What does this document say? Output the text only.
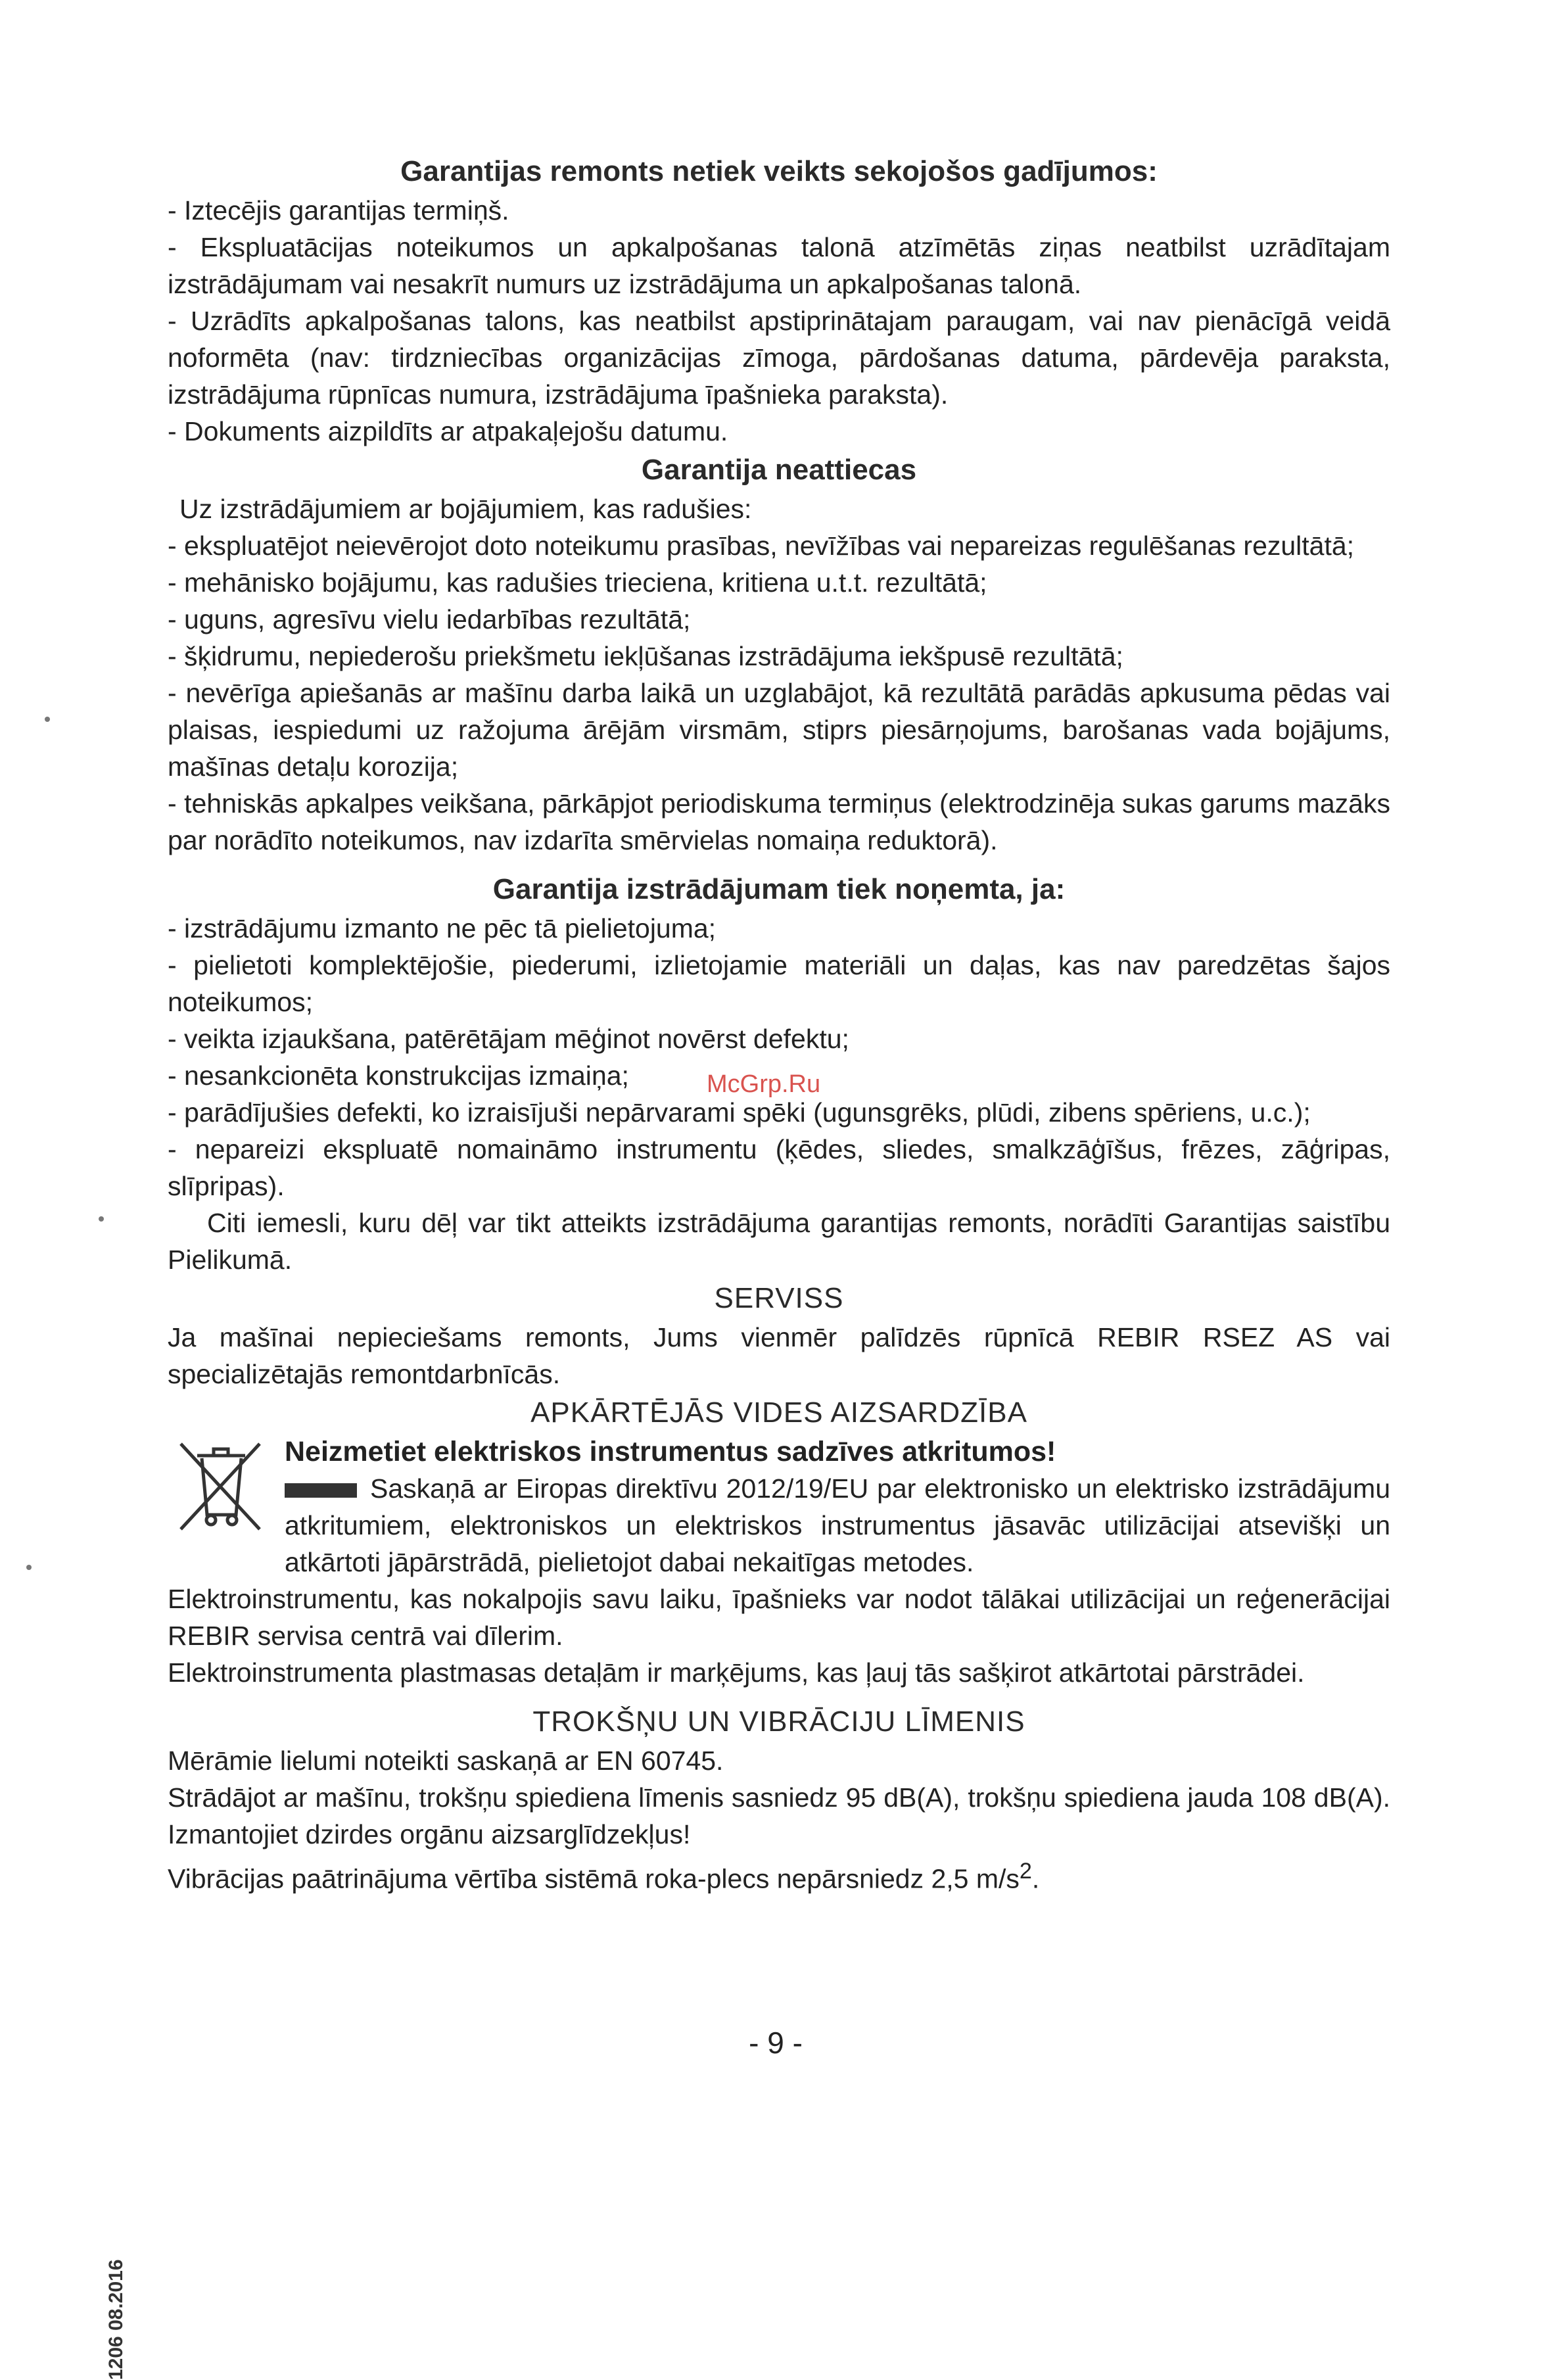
Garantijas remonts netiek veikts sekojošos gadījumos:

- Iztecējis garantijas termiņš.

- Ekspluatācijas noteikumos un apkalpošanas talonā atzīmētās ziņas neatbilst uzrādītajam izstrādājumam vai nesakrīt numurs uz izstrādājuma un apkalpošanas talonā.

- Uzrādīts apkalpošanas talons, kas neatbilst apstiprinātajam paraugam, vai nav pienācīgā veidā noformēta (nav: tirdzniecības organizācijas zīmoga, pārdošanas datuma, pārdevēja paraksta, izstrādājuma rūpnīcas numura, izstrādājuma īpašnieka paraksta).

- Dokuments aizpildīts ar atpakaļejošu datumu.

Garantija neattiecas

Uz izstrādājumiem ar bojājumiem, kas radušies:

- ekspluatējot neievērojot doto noteikumu prasības, nevīžības vai nepareizas regulēšanas rezultātā;

- mehānisko bojājumu, kas radušies trieciena, kritiena u.t.t. rezultātā;

- uguns, agresīvu vielu iedarbības rezultātā;

- šķidrumu, nepiederošu priekšmetu iekļūšanas izstrādājuma iekšpusē rezultātā;

- nevērīga apiešanās ar mašīnu darba laikā un uzglabājot, kā rezultātā parādās apkusuma pēdas vai plaisas, iespiedumi uz ražojuma ārējām virsmām, stiprs piesārņojums, barošanas vada bojājums, mašīnas detaļu korozija;

- tehniskās apkalpes veikšana, pārkāpjot periodiskuma termiņus (elektrodzinēja sukas garums mazāks par norādīto noteikumos, nav izdarīta smērvielas nomaiņa reduktorā).

Garantija izstrādājumam tiek noņemta, ja:

- izstrādājumu izmanto ne pēc tā pielietojuma;

- pielietoti komplektējošie, piederumi, izlietojamie materiāli un daļas, kas nav paredzētas šajos noteikumos;

- veikta izjaukšana, patērētājam mēģinot novērst defektu;

- nesankcionēta konstrukcijas izmaiņa;

- parādījušies defekti, ko izraisījuši nepārvarami spēki (ugunsgrēks, plūdi, zibens spēriens, u.c.);

- nepareizi ekspluatē nomaināmo instrumentu (ķēdes, sliedes, smalkzāģīšus, frēzes, zāģripas, slīpripas).

Citi iemesli, kuru dēļ var tikt atteikts izstrādājuma garantijas remonts, norādīti Garantijas saistību Pielikumā.

SERVISS

Ja mašīnai nepieciešams remonts, Jums vienmēr palīdzēs rūpnīcā REBIR RSEZ AS vai specializētajās remontdarbnīcās.

APKĀRTĒJĀS VIDES AIZSARDZĪBA

Neizmetiet elektriskos instrumentus sadzīves atkritumos!

Saskaņā ar Eiropas direktīvu 2012/19/EU par elektronisko un elektrisko izstrādājumu atkritumiem, elektroniskos un elektriskos instrumentus jāsavāc utilizācijai atsevišķi un atkārtoti jāpārstrādā, pielietojot dabai nekaitīgas metodes.

Elektroinstrumentu, kas nokalpojis savu laiku, īpašnieks var nodot tālākai utilizācijai un reģenerācijai REBIR servisa centrā vai dīlerim.

Elektroinstrumenta plastmasas detaļām ir marķējums, kas ļauj tās sašķirot atkārtotai pārstrādei.

TROKŠŅU UN VIBRĀCIJU LĪMENIS

Mērāmie lielumi noteikti saskaņā ar EN 60745.

Strādājot ar mašīnu, trokšņu spiediena līmenis sasniedz 95 dB(A), trokšņu spiediena jauda 108 dB(A). Izmantojiet dzirdes orgānu aizsarglīdzekļus!

Vibrācijas paātrinājuma vērtība sistēmā roka-plecs nepārsniedz 2,5 $m/s^2$.

- 9 -
1206 08.2016
McGrp.Ru
